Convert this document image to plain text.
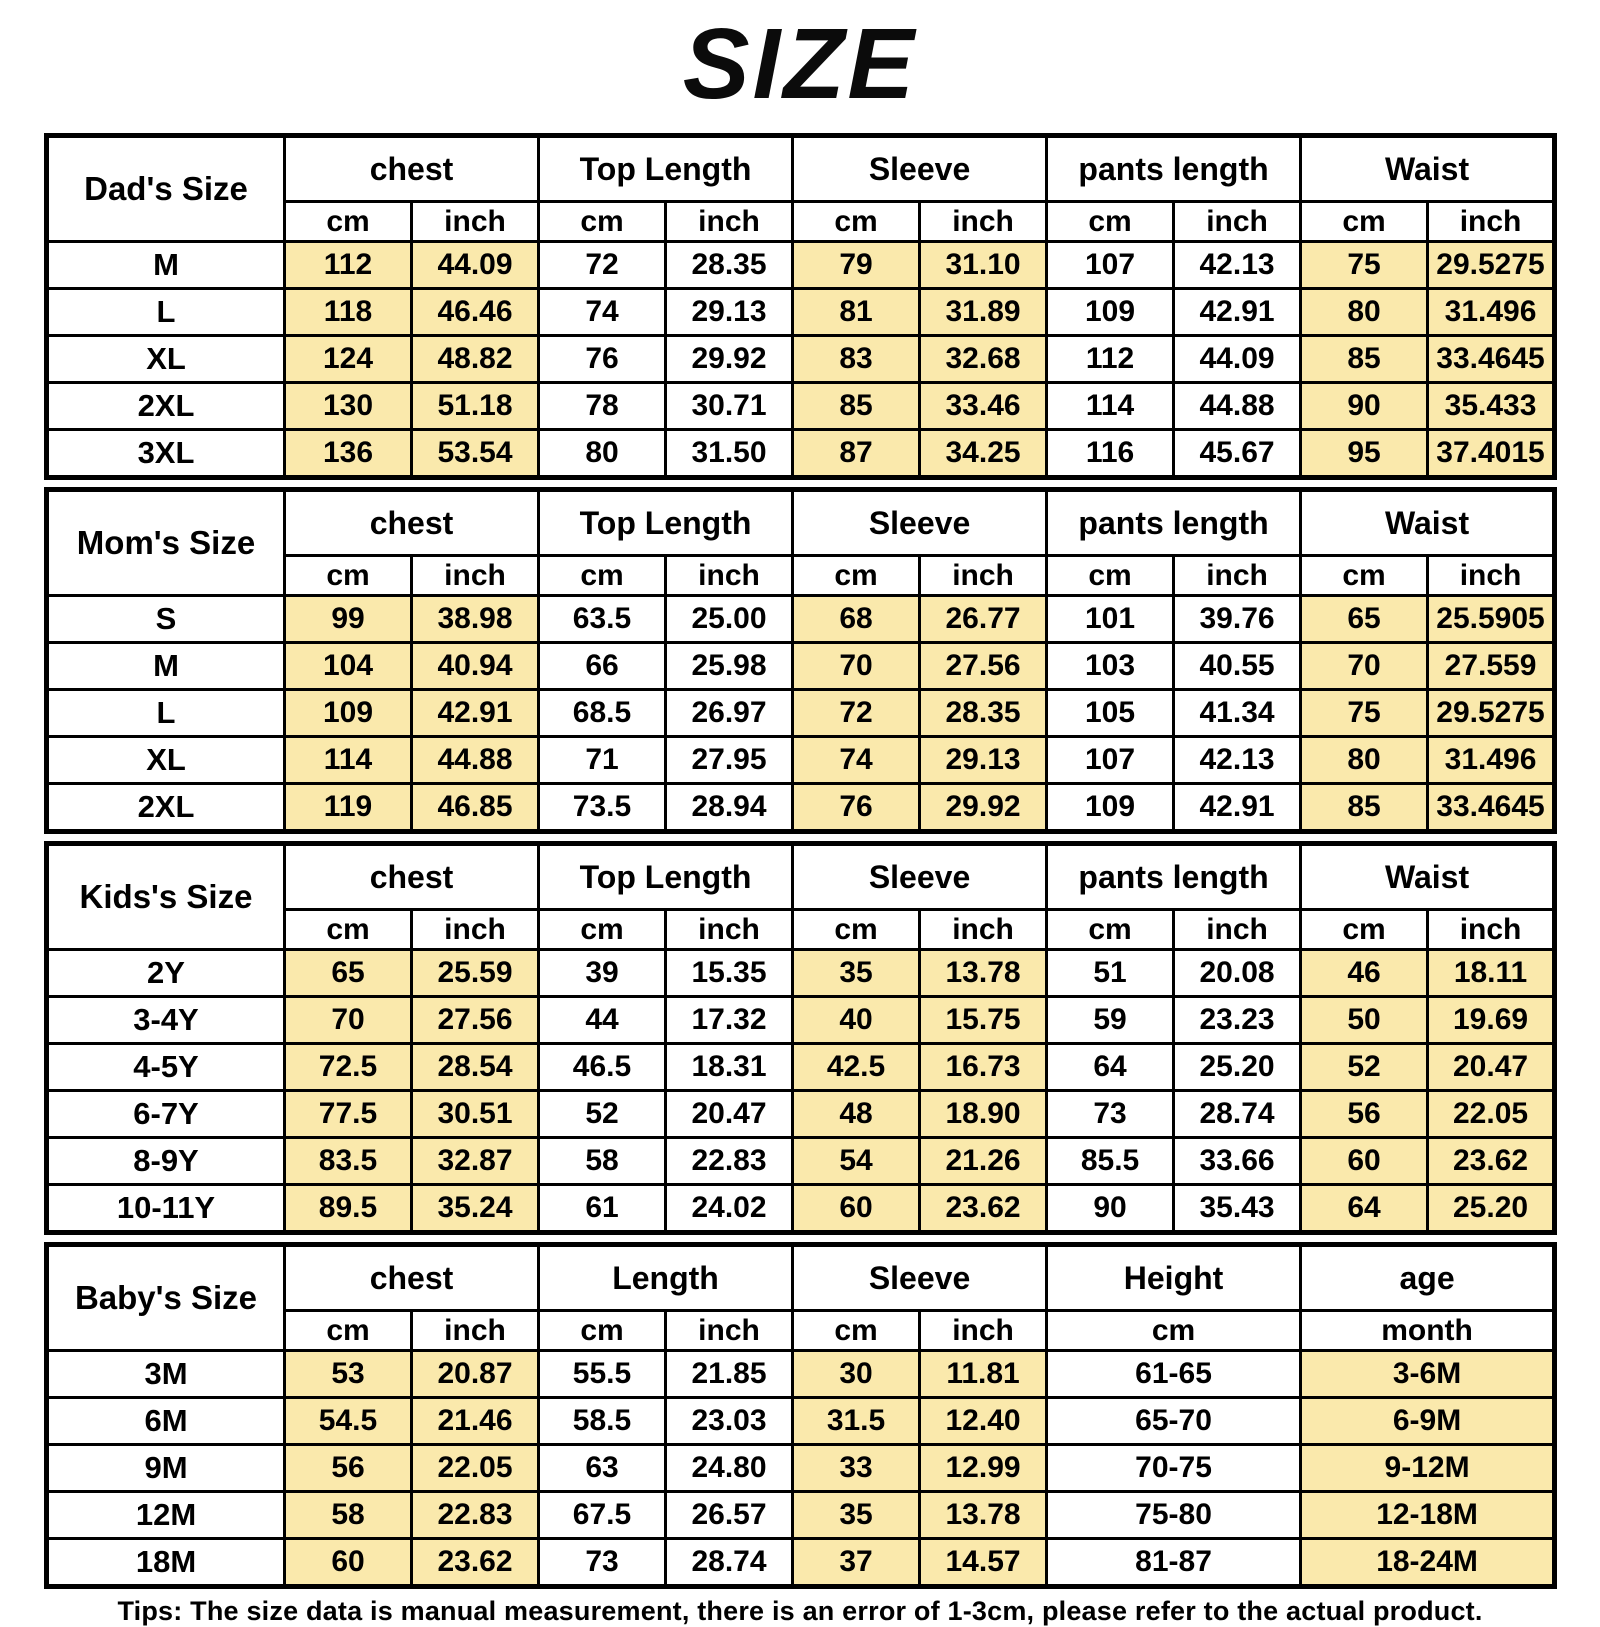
SIZE
Dad's Size	chest		Top Length		Sleeve		pants length		Waist	
	cm	inch	cm	inch	cm	inch	cm	inch	cm	inch
M	112	44.09	72	28.35	79	31.10	107	42.13	75	29.5275
L	118	46.46	74	29.13	81	31.89	109	42.91	80	31.496
XL	124	48.82	76	29.92	83	32.68	112	44.09	85	33.4645
2XL	130	51.18	78	30.71	85	33.46	114	44.88	90	35.433
3XL	136	53.54	80	31.50	87	34.25	116	45.67	95	37.4015
Mom's Size	chest		Top Length		Sleeve		pants length		Waist	
	cm	inch	cm	inch	cm	inch	cm	inch	cm	inch
S	99	38.98	63.5	25.00	68	26.77	101	39.76	65	25.5905
M	104	40.94	66	25.98	70	27.56	103	40.55	70	27.559
L	109	42.91	68.5	26.97	72	28.35	105	41.34	75	29.5275
XL	114	44.88	71	27.95	74	29.13	107	42.13	80	31.496
2XL	119	46.85	73.5	28.94	76	29.92	109	42.91	85	33.4645
Kids's Size	chest		Top Length		Sleeve		pants length		Waist	
	cm	inch	cm	inch	cm	inch	cm	inch	cm	inch
2Y	65	25.59	39	15.35	35	13.78	51	20.08	46	18.11
3-4Y	70	27.56	44	17.32	40	15.75	59	23.23	50	19.69
4-5Y	72.5	28.54	46.5	18.31	42.5	16.73	64	25.20	52	20.47
6-7Y	77.5	30.51	52	20.47	48	18.90	73	28.74	56	22.05
8-9Y	83.5	32.87	58	22.83	54	21.26	85.5	33.66	60	23.62
10-11Y	89.5	35.24	61	24.02	60	23.62	90	35.43	64	25.20
Baby's Size	chest		Length		Sleeve		Height	age
	cm	inch	cm	inch	cm	inch	cm	month
3M	53	20.87	55.5	21.85	30	11.81	61-65	3-6M
6M	54.5	21.46	58.5	23.03	31.5	12.40	65-70	6-9M
9M	56	22.05	63	24.80	33	12.99	70-75	9-12M
12M	58	22.83	67.5	26.57	35	13.78	75-80	12-18M
18M	60	23.62	73	28.74	37	14.57	81-87	18-24M
Tips: The size data is manual measurement, there is an error of 1-3cm, please refer to the actual product.
